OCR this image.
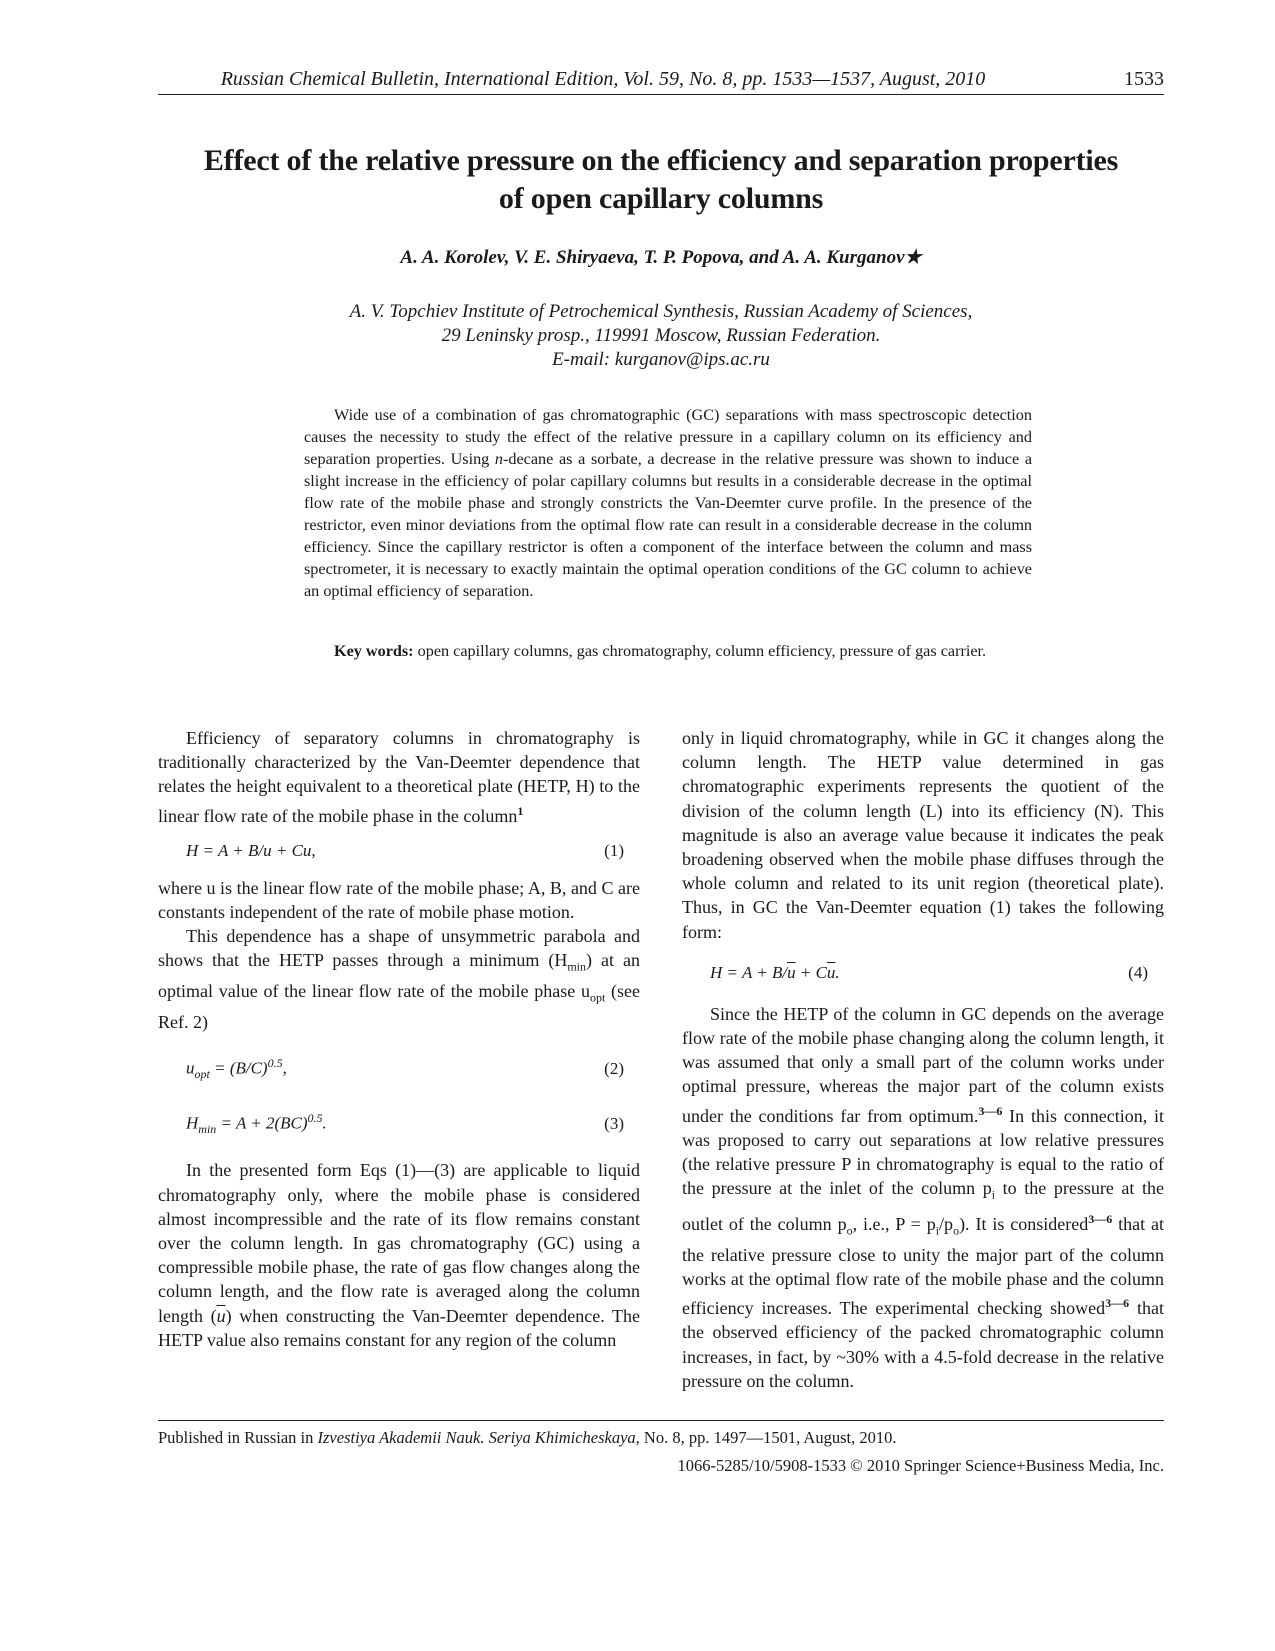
Russian Chemical Bulletin, International Edition, Vol. 59, No. 8, pp. 1533—1537, August, 2010	1533
Effect of the relative pressure on the efficiency and separation properties
of open capillary columns
A. A. Korolev, V. E. Shiryaeva, T. P. Popova, and A. A. Kurganov★
A. V. Topchiev Institute of Petrochemical Synthesis, Russian Academy of Sciences,
29 Leninsky prosp., 119991 Moscow, Russian Federation.
E-mail: kurganov@ips.ac.ru

Wide use of a combination of gas chromatographic (GC) separations with mass spectroscopic detection causes the necessity to study the effect of the relative pressure in a capillary column on its efficiency and separation properties. Using n-decane as a sorbate, a decrease in the relative pressure was shown to induce a slight increase in the efficiency of polar capillary columns but results in a considerable decrease in the optimal flow rate of the mobile phase and strongly constricts the Van-Deemter curve profile. In the presence of the restrictor, even minor deviations from the optimal flow rate can result in a considerable decrease in the column efficiency. Since the capillary restrictor is often a component of the interface between the column and mass spectrometer, it is necessary to exactly maintain the optimal operation conditions of the GC column to achieve an optimal efficiency of separation.

Key words: open capillary columns, gas chromatography, column efficiency, pressure of gas carrier.

Efficiency of separatory columns in chromatography is traditionally characterized by the Van-Deemter dependence that relates the height equivalent to a theoretical plate (HETP, H) to the linear flow rate of the mobile phase in the column$^1$

H = A + B/u + Cu,	(1)

where u is the linear flow rate of the mobile phase; A, B, and C are constants independent of the rate of mobile phase motion.

This dependence has a shape of unsymmetric parabola and shows that the HETP passes through a minimum $(H_{min})$ at an optimal value of the linear flow rate of the mobile phase $u_{opt}$ (see Ref. 2)

$u_{opt} = (B/C)^{0.5}$,	(2)
$H_{min} = A + 2(BC)^{0.5}$.	(3)

In the presented form Eqs (1)—(3) are applicable to liquid chromatography only, where the mobile phase is considered almost incompressible and the rate of its flow remains constant over the column length. In gas chromatography (GC) using a compressible mobile phase, the rate of gas flow changes along the column length, and the flow rate is averaged along the column length $(\overline{u})$ when constructing the Van-Deemter dependence. The HETP value also remains constant for any region of the column

only in liquid chromatography, while in GC it changes along the column length. The HETP value determined in gas chromatographic experiments represents the quotient of the division of the column length (L) into its efficiency (N). This magnitude is also an average value because it indicates the peak broadening observed when the mobile phase diffuses through the whole column and related to its unit region (theoretical plate). Thus, in GC the Van-Deemter equation (1) takes the following form:

$H = A + B/\overline{u} + C\overline{u}$.	(4)

Since the HETP of the column in GC depends on the average flow rate of the mobile phase changing along the column length, it was assumed that only a small part of the column works under optimal pressure, whereas the major part of the column exists under the conditions far from optimum.$^{3—6}$ In this connection, it was proposed to carry out separations at low relative pressures (the relative pressure P in chromatography is equal to the ratio of the pressure at the inlet of the column $p_i$ to the pressure at the outlet of the column $p_o$, i.e., $P = p_i/p_o$). It is considered$^{3—6}$ that at the relative pressure close to unity the major part of the column works at the optimal flow rate of the mobile phase and the column efficiency increases. The experimental checking showed$^{3—6}$ that the observed efficiency of the packed chromatographic column increases, in fact, by ~30% with a 4.5-fold decrease in the relative pressure on the column.

Published in Russian in Izvestiya Akademii Nauk. Seriya Khimicheskaya, No. 8, pp. 1497—1501, August, 2010.
1066-5285/10/5908-1533 © 2010 Springer Science+Business Media, Inc.
